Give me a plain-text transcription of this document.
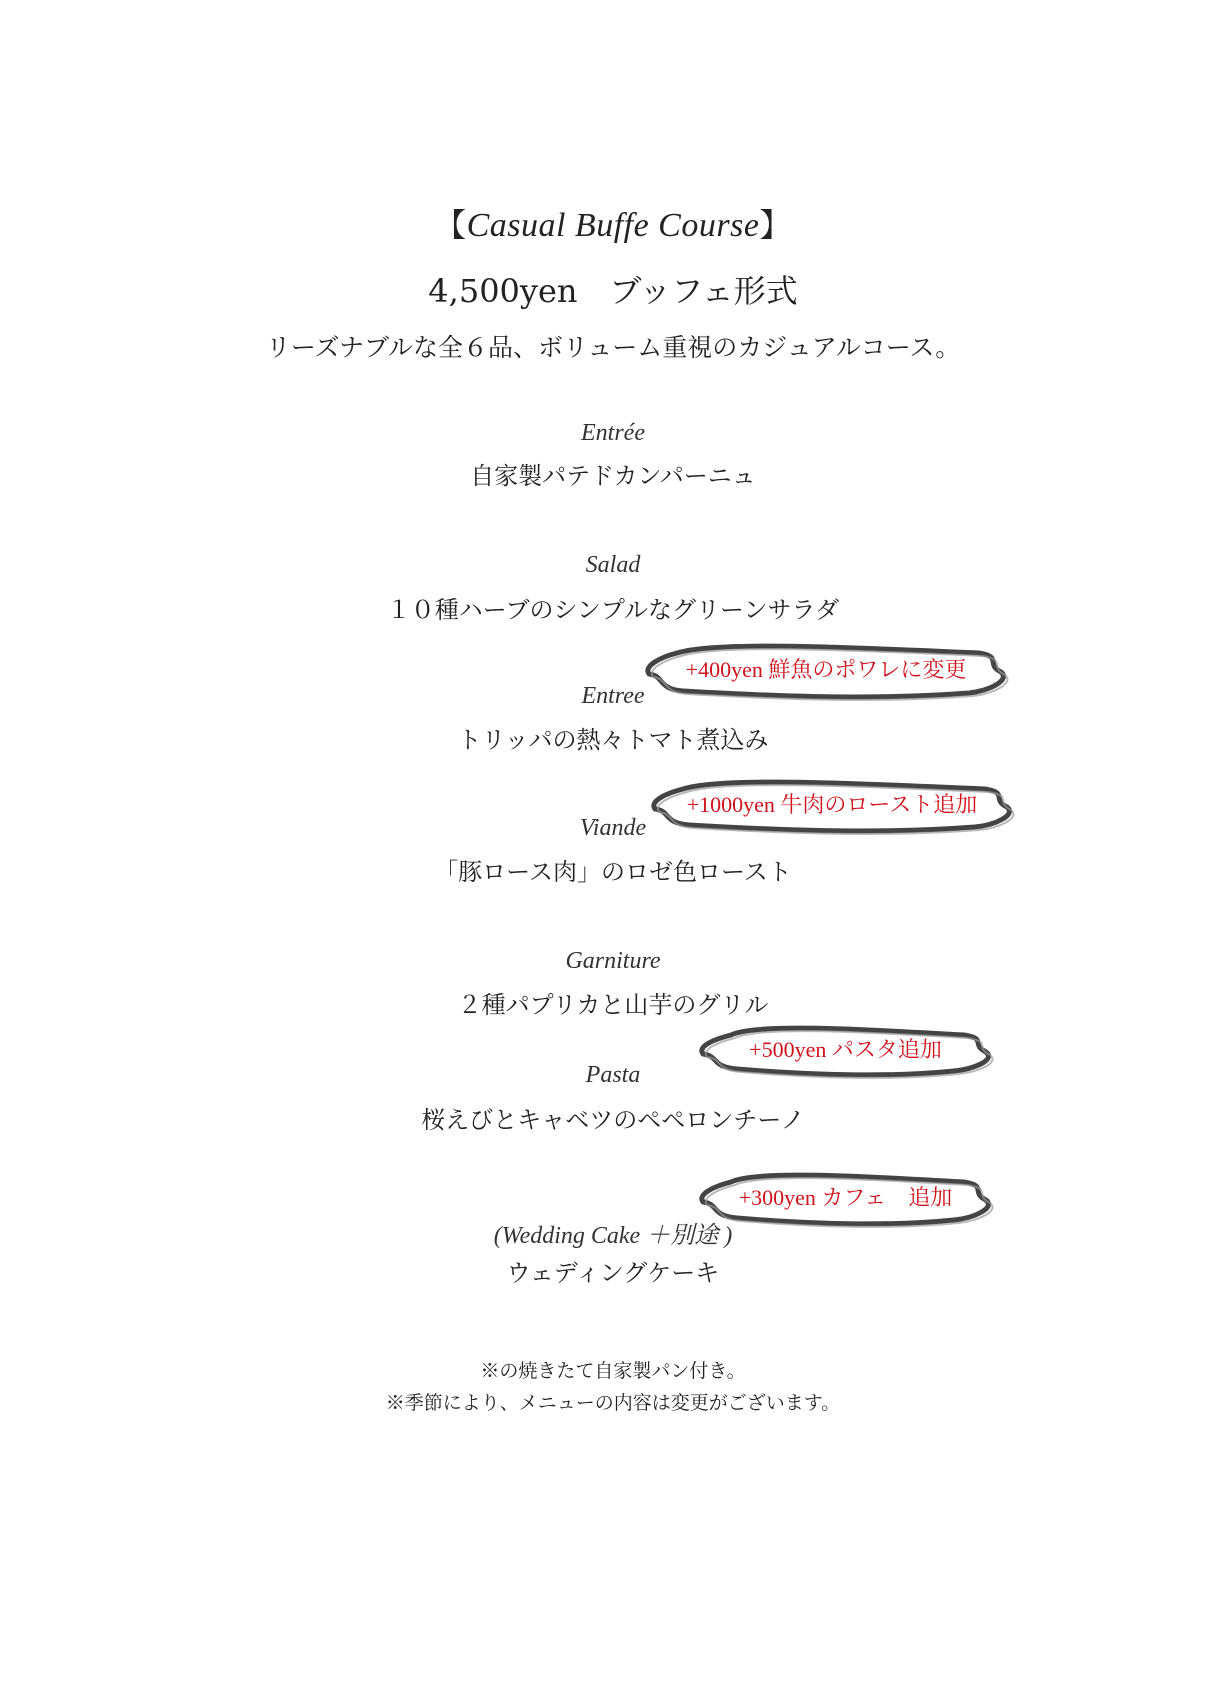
【Casual Buffe Course】
4,500yen　ブッフェ形式
リーズナブルな全６品、ボリューム重視のカジュアルコース。
Entrée
自家製パテドカンパーニュ
Salad
１０種ハーブのシンプルなグリーンサラダ
Entree
トリッパの熱々トマト煮込み
Viande
「豚ロース肉」のロゼ色ロースト
Garniture
２種パプリカと山芋のグリル
Pasta
桜えびとキャベツのペペロンチーノ
(Wedding Cake ＋別途 )
ウェディングケーキ
+400yen 鮮魚のポワレに変更
+1000yen 牛肉のロースト追加
+500yen パスタ追加
+300yen カフェ　追加
※の焼きたて自家製パン付き。
※季節により、メニューの内容は変更がございます。
